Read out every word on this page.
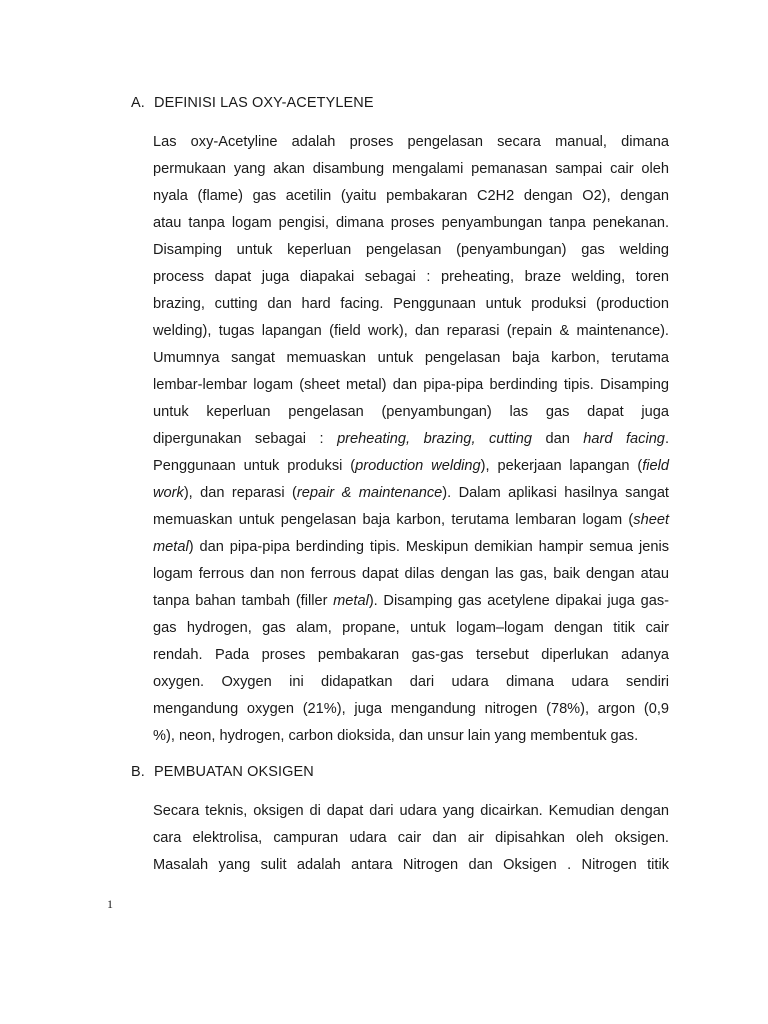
A. DEFINISI LAS OXY-ACETYLENE
Las oxy-Acetyline adalah proses pengelasan secara manual, dimana
permukaan yang akan disambung mengalami pemanasan sampai cair oleh
nyala (flame) gas acetilin (yaitu pembakaran C2H2 dengan O2), dengan
atau tanpa logam pengisi, dimana proses penyambungan tanpa penekanan.
Disamping untuk keperluan pengelasan (penyambungan) gas welding
process dapat juga diapakai sebagai : preheating, braze welding, toren
brazing, cutting dan hard facing. Penggunaan untuk produksi (production
welding), tugas lapangan (field work), dan reparasi (repain & maintenance).
Umumnya sangat memuaskan untuk pengelasan baja karbon, terutama
lembar-lembar logam (sheet metal) dan pipa-pipa berdinding tipis. Disamping
untuk keperluan pengelasan (penyambungan) las gas dapat juga
dipergunakan sebagai : preheating, brazing, cutting dan hard facing.
Penggunaan untuk produksi (production welding), pekerjaan lapangan (field
work), dan reparasi (repair & maintenance). Dalam aplikasi hasilnya sangat
memuaskan untuk pengelasan baja karbon, terutama lembaran logam (sheet
metal) dan pipa-pipa berdinding tipis. Meskipun demikian hampir semua jenis
logam ferrous dan non ferrous dapat dilas dengan las gas, baik dengan atau
tanpa bahan tambah (filler metal). Disamping gas acetylene dipakai juga gas-
gas hydrogen, gas alam, propane, untuk logam–logam dengan titik cair
rendah. Pada proses pembakaran gas-gas tersebut diperlukan adanya
oxygen. Oxygen ini didapatkan dari udara dimana udara sendiri
mengandung oxygen (21%), juga mengandung nitrogen (78%), argon (0,9
%), neon, hydrogen, carbon dioksida, dan unsur lain yang membentuk gas.
B. PEMBUATAN OKSIGEN
Secara teknis, oksigen di dapat dari udara yang dicairkan. Kemudian dengan
cara elektrolisa, campuran udara cair dan air dipisahkan oleh oksigen.
Masalah yang sulit adalah antara Nitrogen dan Oksigen . Nitrogen titik
1
